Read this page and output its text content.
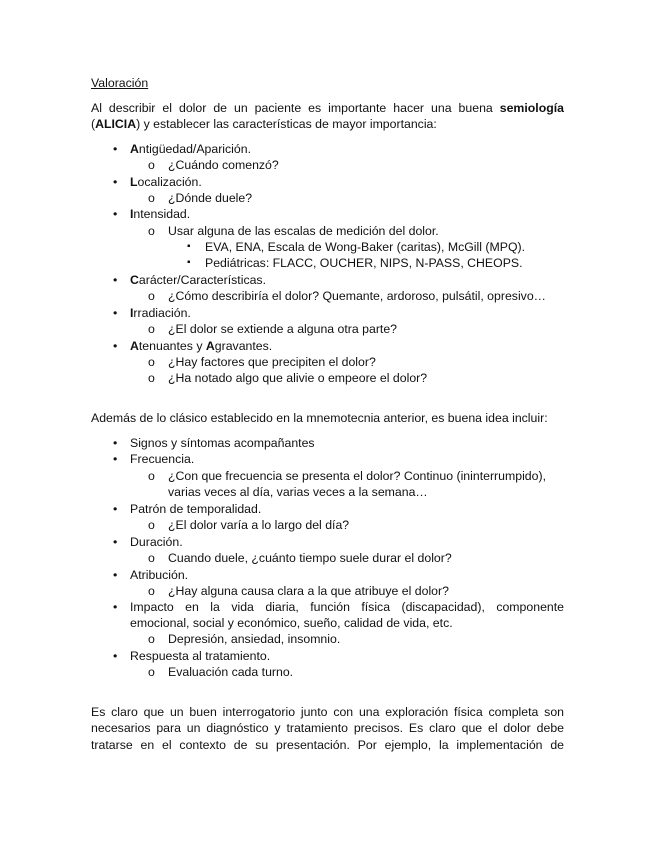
Valoración
Al describir el dolor de un paciente es importante hacer una buena semiología
(ALICIA) y establecer las características de mayor importancia:
• Antigüedad/Aparición.
o ¿Cuándo comenzó?
• Localización.
o ¿Dónde duele?
• Intensidad.
o Usar alguna de las escalas de medición del dolor.
▪ EVA, ENA, Escala de Wong-Baker (caritas), McGill (MPQ).
▪ Pediátricas: FLACC, OUCHER, NIPS, N-PASS, CHEOPS.
• Carácter/Características.
o ¿Cómo describiría el dolor? Quemante, ardoroso, pulsátil, opresivo…
• Irradiación.
o ¿El dolor se extiende a alguna otra parte?
• Atenuantes y Agravantes.
o ¿Hay factores que precipiten el dolor?
o ¿Ha notado algo que alivie o empeore el dolor?
Además de lo clásico establecido en la mnemotecnia anterior, es buena idea incluir:
• Signos y síntomas acompañantes
• Frecuencia.
o ¿Con que frecuencia se presenta el dolor? Continuo (ininterrumpido),
varias veces al día, varias veces a la semana…
• Patrón de temporalidad.
o ¿El dolor varía a lo largo del día?
• Duración.
o Cuando duele, ¿cuánto tiempo suele durar el dolor?
• Atribución.
o ¿Hay alguna causa clara a la que atribuye el dolor?
• Impacto en la vida diaria, función física (discapacidad), componente
emocional, social y económico, sueño, calidad de vida, etc.
o Depresión, ansiedad, insomnio.
• Respuesta al tratamiento.
o Evaluación cada turno.
Es claro que un buen interrogatorio junto con una exploración física completa son
necesarios para un diagnóstico y tratamiento precisos. Es claro que el dolor debe
tratarse en el contexto de su presentación. Por ejemplo, la implementación de
